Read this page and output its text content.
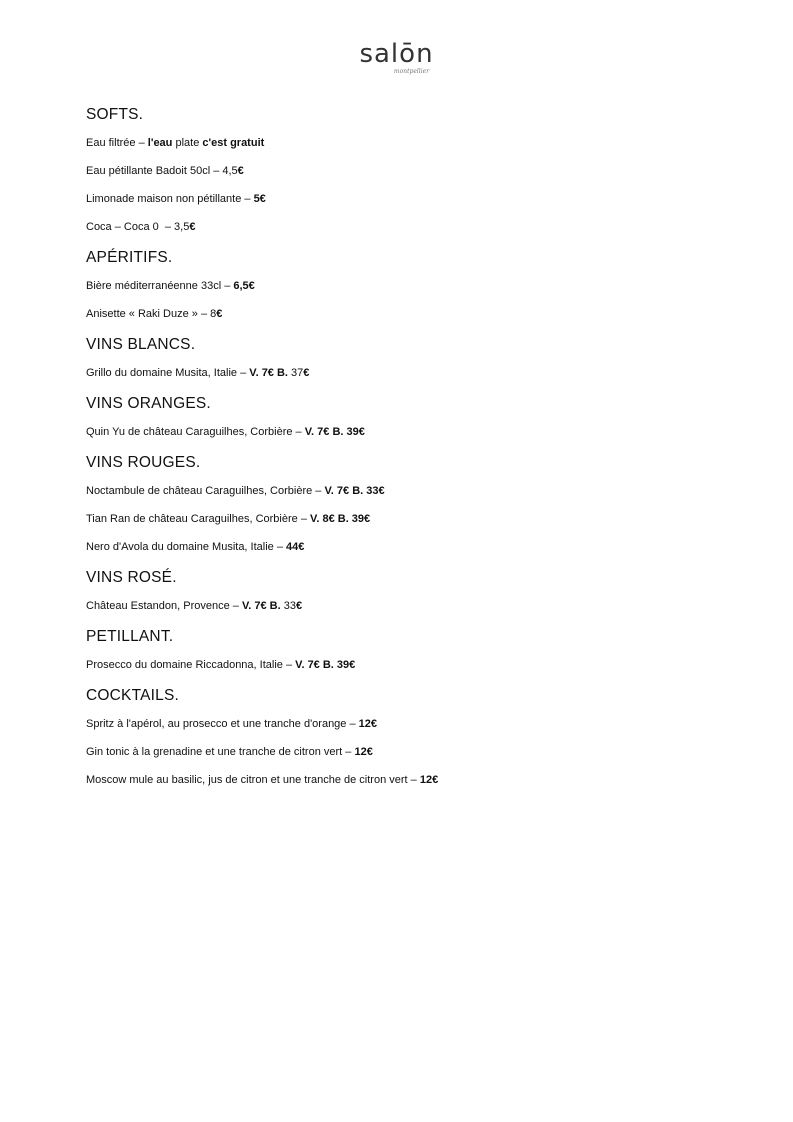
salōn
montpellier
SOFTS.
Eau filtrée – l'eau plate c'est gratuit
Eau pétillante Badoit 50cl – 4,5€
Limonade maison non pétillante – 5€
Coca – Coca 0  – 3,5€
APÉRITIFS.
Bière méditerranéenne 33cl – 6,5€
Anisette « Raki Duze » – 8€
VINS BLANCS.
Grillo du domaine Musita, Italie – V. 7€ B. 37€
VINS ORANGES.
Quin Yu de château Caraguilhes, Corbière – V. 7€ B. 39€
VINS ROUGES.
Noctambule de château Caraguilhes, Corbière – V. 7€ B. 33€
Tian Ran de château Caraguilhes, Corbière – V. 8€ B. 39€
Nero d'Avola du domaine Musita, Italie – 44€
VINS ROSÉ.
Château Estandon, Provence – V. 7€ B. 33€
PETILLANT.
Prosecco du domaine Riccadonna, Italie – V. 7€ B. 39€
COCKTAILS.
Spritz à l'apérol, au prosecco et une tranche d'orange – 12€
Gin tonic à la grenadine et une tranche de citron vert – 12€
Moscow mule au basilic, jus de citron et une tranche de citron vert – 12€
